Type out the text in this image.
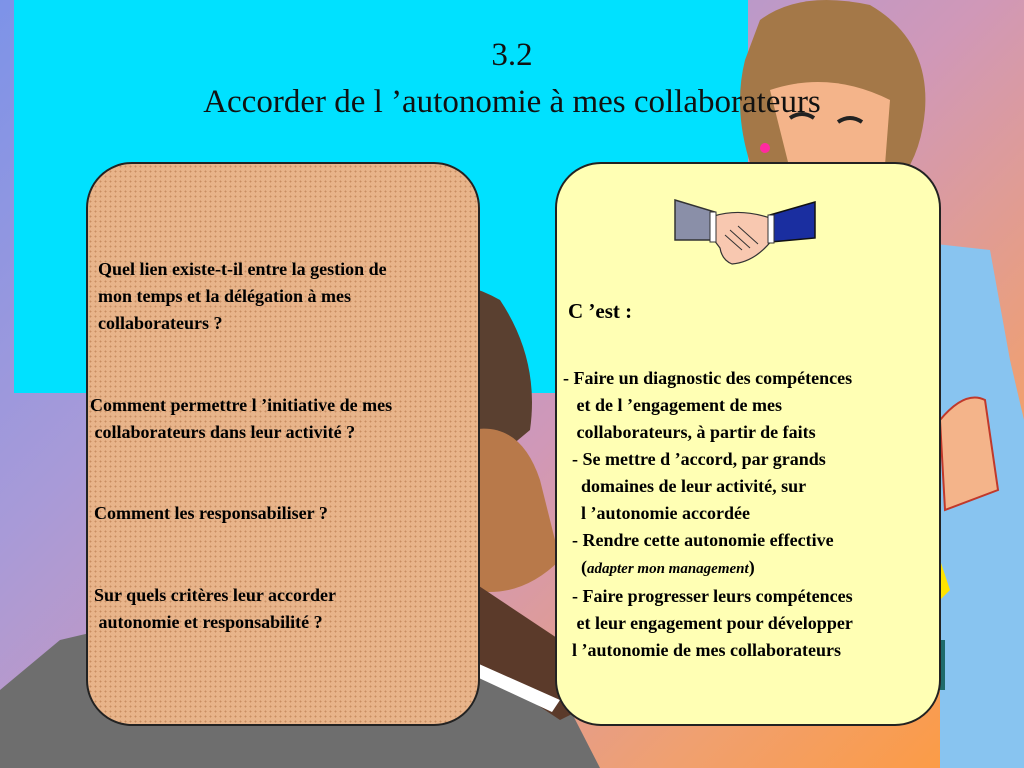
3.2
Accorder de l ’autonomie à mes collaborateurs
Quel lien existe-t-il entre la gestion de
mon temps et la délégation à mes
collaborateurs ?
Comment permettre l ’initiative de mes
collaborateurs dans leur activité ?
Comment les responsabiliser ?
Sur quels critères leur accorder
autonomie et responsabilité ?
C ’est :
- Faire un diagnostic des compétences
et de l ’engagement de mes
collaborateurs, à partir de faits
- Se mettre d ’accord, par grands
domaines de leur activité, sur
l ’autonomie accordée
- Rendre cette autonomie effective
(adapter mon management)
- Faire progresser leurs compétences
et leur engagement pour développer
l ’autonomie de mes collaborateurs
